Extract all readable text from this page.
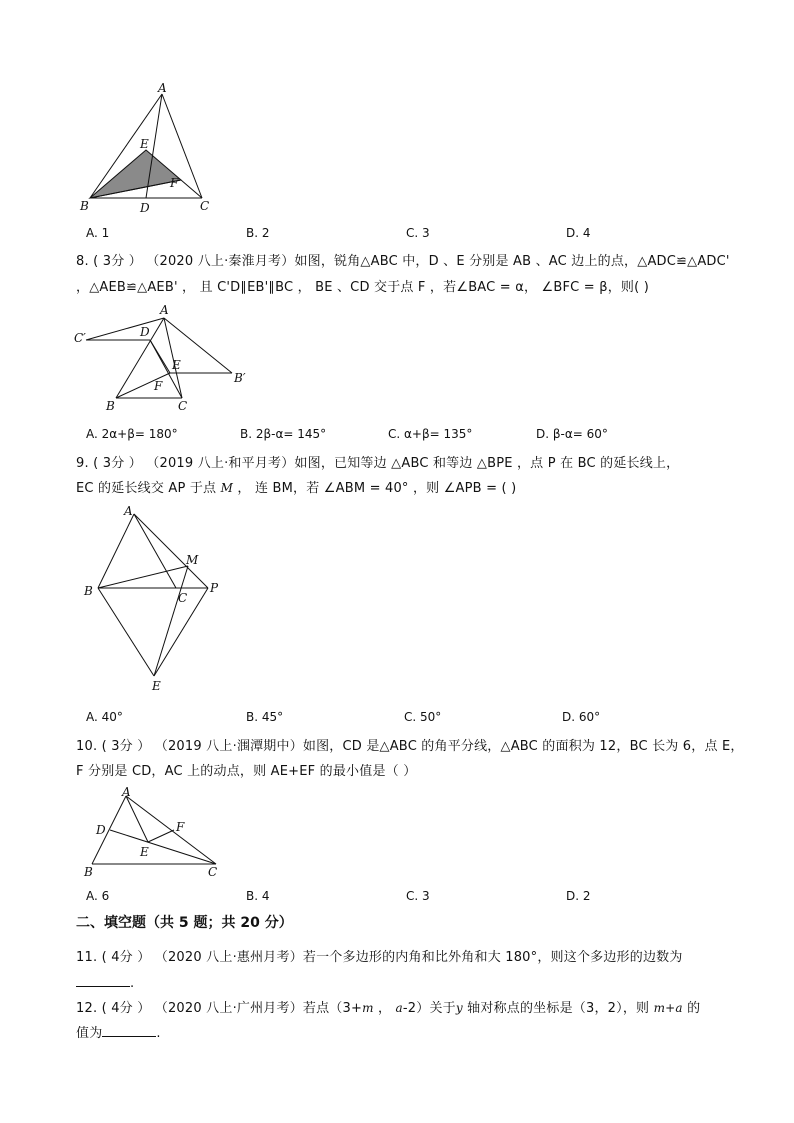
A
E
F
B	D	C
A. 1	B. 2	C. 3	D. 4
8. ( 3分 ） （2020 八上·秦淮月考）如图，锐角△ABC 中，D 、E 分别是 AB 、AC 边上的点，△ADC≌△ADC'
，△AEB≌△AEB' ， 且 C'D∥EB'∥BC ， BE 、CD 交于点 F ，若∠BAC = α， ∠BFC = β，则( )
A
D
C′
E
F
B′
B	C
A. 2α+β= 180°	B. 2β-α= 145°	C. α+β= 135°	D. β-α= 60°
9. ( 3分 ） （2019 八上·和平月考）如图，已知等边 △ABC 和等边 △BPE ，点 P 在 BC 的延长线上，
EC 的延长线交 AP 于点 M ， 连 BM，若 ∠ABM = 40° ，则 ∠APB = ( )
A
M
B	C
P
E
A. 40°	B. 45°	C. 50°	D. 60°
10. ( 3分 ） （2019 八上·涠潭期中）如图，CD 是△ABC 的角平分线，△ABC 的面积为 12，BC 长为 6，点 E，
F 分别是 CD，AC 上的动点，则 AE+EF 的最小值是（ ）
A
D	F
E
B	C
A. 6	B. 4	C. 3	D. 2
二、填空题（共 5 题；共 20 分）
11. ( 4分 ） （2020 八上·惠州月考）若一个多边形的内角和比外角和大 180°，则这个多边形的边数为
.
12. ( 4分 ） （2020 八上·广州月考）若点（3+m ， a-2）关于y 轴对称点的坐标是（3，2），则 m+a 的
值为	.
